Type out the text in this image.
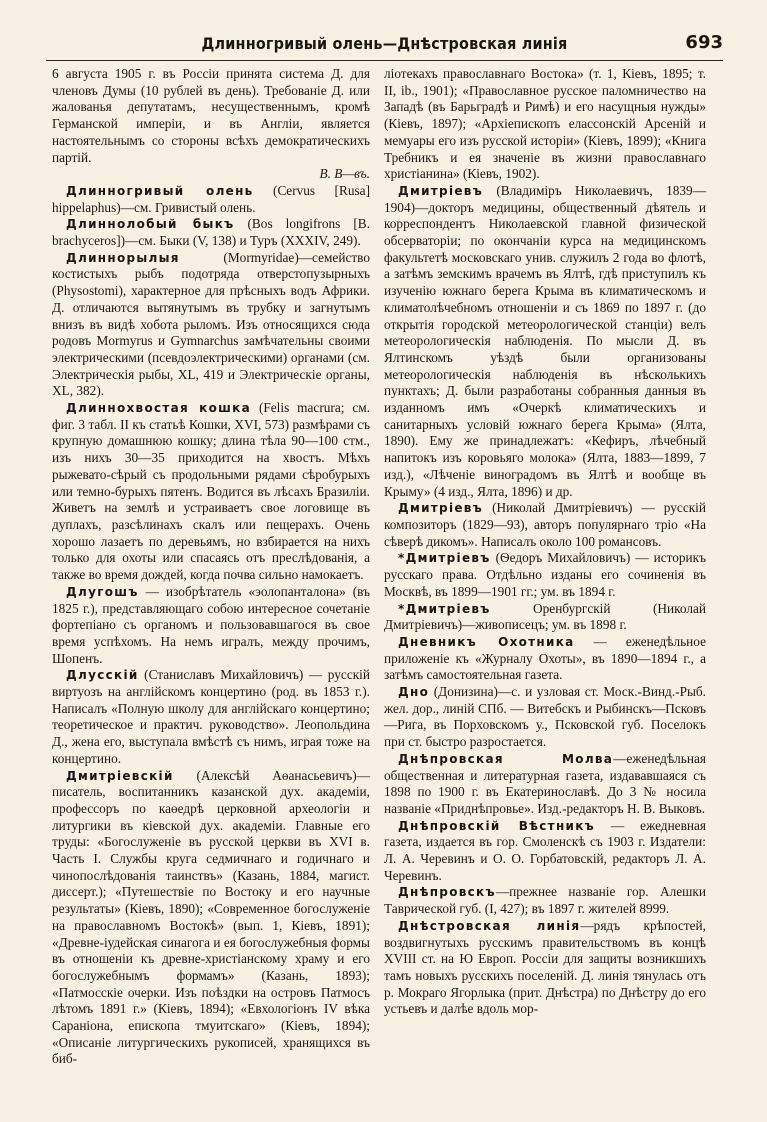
Длинногривый олень—Днѣстровская линія	693

6 августа 1905 г. въ Россіи принята система Д. для членовъ Думы (10 рублей въ день). Требованіе Д. или жалованья депутатамъ, несущественнымъ, кромѣ Германской имперіи, и въ Англіи, является настоятельнымъ со стороны всѣхъ демократическихъ партій.

В. В—въ.

Длинногривый олень (Cervus [Rusa] hippelaphus)—см. Гривистый олень.

Длиннолобый быкъ (Bos longifrons [B. brachyceros])—см. Быки (V, 138) и Туръ (XXXIV, 249).

Длиннорылыя (Mormyridae)—семейство костистыхъ рыбъ подотряда отверстопузырныхъ (Physostomi), характерное для прѣсныхъ водъ Африки. Д. отличаются вытянутымъ въ трубку и загнутымъ внизъ въ видѣ хобота рыломъ. Изъ относящихся сюда родовъ Mormyrus и Gymnarchus замѣчательны своими электрическими (псевдоэлектрическими) органами (см. Электрическія рыбы, XL, 419 и Электрическіе органы, XL, 382).

Длиннохвостая кошка (Felis macrura; см. фиг. 3 табл. II къ статьѣ Кошки, XVI, 573) размѣрами съ крупную домашнюю кошку; длина тѣла 90—100 стм., изъ нихъ 30—35 приходится на хвостъ. Мѣхъ рыжевато-сѣрый съ продольными рядами сѣробурыхъ или темно-бурыхъ пятенъ. Водится въ лѣсахъ Бразиліи. Живетъ на землѣ и устраиваетъ свое логовище въ дуплахъ, разсѣлинахъ скалъ или пещерахъ. Очень хорошо лазаетъ по деревьямъ, но взбирается на нихъ только для охоты или спасаясь отъ преслѣдованія, а также во время дождей, когда почва сильно намокаетъ.

Длугошъ — изобрѣтатель «эолопанталона» (въ 1825 г.), представляющаго собою интересное сочетаніе фортепіано съ органомъ и пользовавшагося въ свое время успѣхомъ. На немъ игралъ, между прочимъ, Шопенъ.

Длусскій (Станиславъ Михайловичъ) — русскій виртуозъ на англійскомъ концертино (род. въ 1853 г.). Написалъ «Полную школу для англійскаго концертино; теоретическое и практич. руководство». Леопольдина Д., жена его, выступала вмѣстѣ съ нимъ, играя тоже на концертино.

Дмитріевскій (Алексѣй Аѳанасьевичъ)—писатель, воспитанникъ казанской дух. академіи, профессоръ по каѳедрѣ церковной археологіи и литургики въ кіевской дух. академіи. Главные его труды: «Богослуженіе въ русской церкви въ XVI в. Часть I. Службы круга седмичнаго и годичнаго и чинопослѣдованія таинствъ» (Казань, 1884, магист. диссерт.); «Путешествіе по Востоку и его научные результаты» (Кіевъ, 1890); «Современное богослуженіе на православномъ Востокѣ» (вып. 1, Кіевъ, 1891); «Древне-іудейская синагога и ея богослужебныя формы въ отношеніи къ древне-христіанскому храму и его богослужебнымъ формамъ» (Казань, 1893); «Патмосскіе очерки. Изъ поѣздки на островъ Патмосъ лѣтомъ 1891 г.» (Кіевъ, 1894); «Евхологіонъ IV вѣка Сараніона, епископа тмуитскаго» (Кіевъ, 1894); «Описаніе литургическихъ рукописей, хранящихся въ биб-

ліотекахъ православнаго Востока» (т. 1, Кіевъ, 1895; т. II, ib., 1901); «Православное русское паломничество на Западѣ (въ Барьградѣ и Римѣ) и его насущныя нужды» (Кіевъ, 1897); «Архіепископъ елассонскій Арсеній и мемуары его изъ русской исторіи» (Кіевъ, 1899); «Книга Требникъ и ея значеніе въ жизни православнаго христіанина» (Кіевъ, 1902).

Дмитріевъ (Владиміръ Николаевичъ, 1839—1904)—докторъ медицины, общественный дѣятель и корреспондентъ Николаевской главной физической обсерваторіи; по окончаніи курса на медицинскомъ факультетѣ московскаго унив. служилъ 2 года во флотѣ, а затѣмъ земскимъ врачемъ въ Ялтѣ, гдѣ приступилъ къ изученію южнаго берега Крыма въ климатическомъ и климатолѣчебномъ отношеніи и съ 1869 по 1897 г. (до открытія городской метеорологической станціи) велъ метеорологическія наблюденія. По мысли Д. въ Ялтинскомъ уѣздѣ были организованы метеорологическія наблюденія въ нѣсколькихъ пунктахъ; Д. были разработаны собранныя данныя въ изданномъ имъ «Очеркѣ климатическихъ и санитарныхъ условій южнаго берега Крыма» (Ялта, 1890). Ему же принадлежатъ: «Кефиръ, лѣчебный напитокъ изъ коровьяго молока» (Ялта, 1883—1899, 7 изд.), «Лѣченіе виноградомъ въ Ялтѣ и вообще въ Крыму» (4 изд., Ялта, 1896) и др.

Дмитріевъ (Николай Дмитріевичъ) — русскій композиторъ (1829—93), авторъ популярнаго тріо «На сѣверѣ дикомъ». Написалъ около 100 романсовъ.

*Дмитріевъ (Ѳедоръ Михайловичъ) — историкъ русскаго права. Отдѣльно изданы его сочиненія въ Москвѣ, въ 1899—1901 гг.; ум. въ 1894 г.

*Дмитріевъ Оренбургскій (Николай Дмитріевичъ)—живописецъ; ум. въ 1898 г.

Дневникъ Охотника — еженедѣльное приложеніе къ «Журналу Охоты», въ 1890—1894 г., а затѣмъ самостоятельная газета.

Дно (Донизина)—с. и узловая ст. Моск.-Винд.-Рыб. жел. дор., линій СПб. — Витебскъ и Рыбинскъ—Псковъ—Рига, въ Порховскомъ у., Псковской губ. Поселокъ при ст. быстро разростается.

Днѣпровская Молва—еженедѣльная общественная и литературная газета, издававшаяся съ 1898 по 1900 г. въ Екатеринославѣ. До 3 № носила названіе «Приднѣпровье». Изд.-редакторъ Н. В. Выковъ.

Днѣпровскій Вѣстникъ — ежедневная газета, издается въ гор. Смоленскѣ съ 1903 г. Издатели: Л. А. Черевинъ и О. О. Горбатовскій, редакторъ Л. А. Черевинъ.

Днѣпровскъ—прежнее названіе гор. Алешки Таврической губ. (I, 427); въ 1897 г. жителей 8999.

Днѣстровская линія—рядъ крѣпостей, воздвигнутыхъ русскимъ правительствомъ въ концѣ XVIII ст. на Ю Европ. Россіи для защиты возникшихъ тамъ новыхъ русскихъ поселеній. Д. линія тянулась отъ р. Мокраго Ягорлыка (прит. Днѣстра) по Днѣстру до его устьевъ и далѣе вдоль мор-
